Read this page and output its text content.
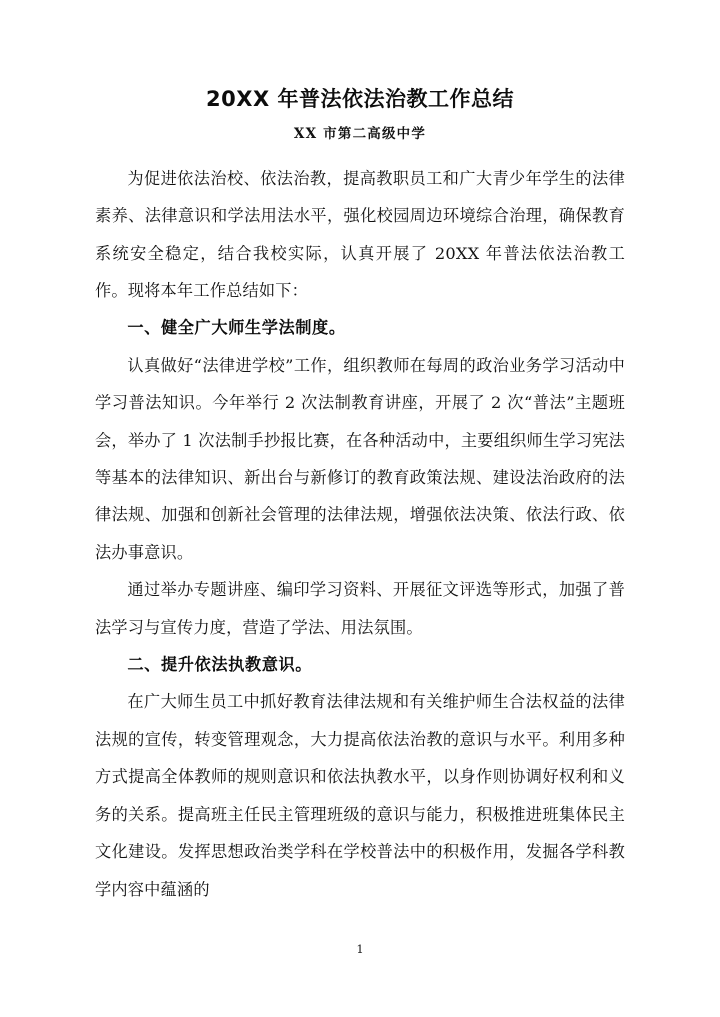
20XX 年普法依法治教工作总结
XX 市第二高级中学

为促进依法治校、依法治教，提高教职员工和广大青少年学生的法律素养、法律意识和学法用法水平，强化校园周边环境综合治理，确保教育系统安全稳定，结合我校实际，认真开展了 20XX 年普法依法治教工作。现将本年工作总结如下：

一、健全广大师生学法制度。

认真做好“法律进学校”工作，组织教师在每周的政治业务学习活动中学习普法知识。今年举行 2 次法制教育讲座，开展了 2 次“普法”主题班会，举办了 1 次法制手抄报比赛，在各种活动中，主要组织师生学习宪法等基本的法律知识、新出台与新修订的教育政策法规、建设法治政府的法律法规、加强和创新社会管理的法律法规，增强依法决策、依法行政、依法办事意识。

通过举办专题讲座、编印学习资料、开展征文评选等形式，加强了普法学习与宣传力度，营造了学法、用法氛围。

二、提升依法执教意识。

在广大师生员工中抓好教育法律法规和有关维护师生合法权益的法律法规的宣传，转变管理观念，大力提高依法治教的意识与水平。利用多种方式提高全体教师的规则意识和依法执教水平，以身作则协调好权利和义务的关系。提高班主任民主管理班级的意识与能力，积极推进班集体民主文化建设。发挥思想政治类学科在学校普法中的积极作用，发掘各学科教学内容中蕴涵的

1
